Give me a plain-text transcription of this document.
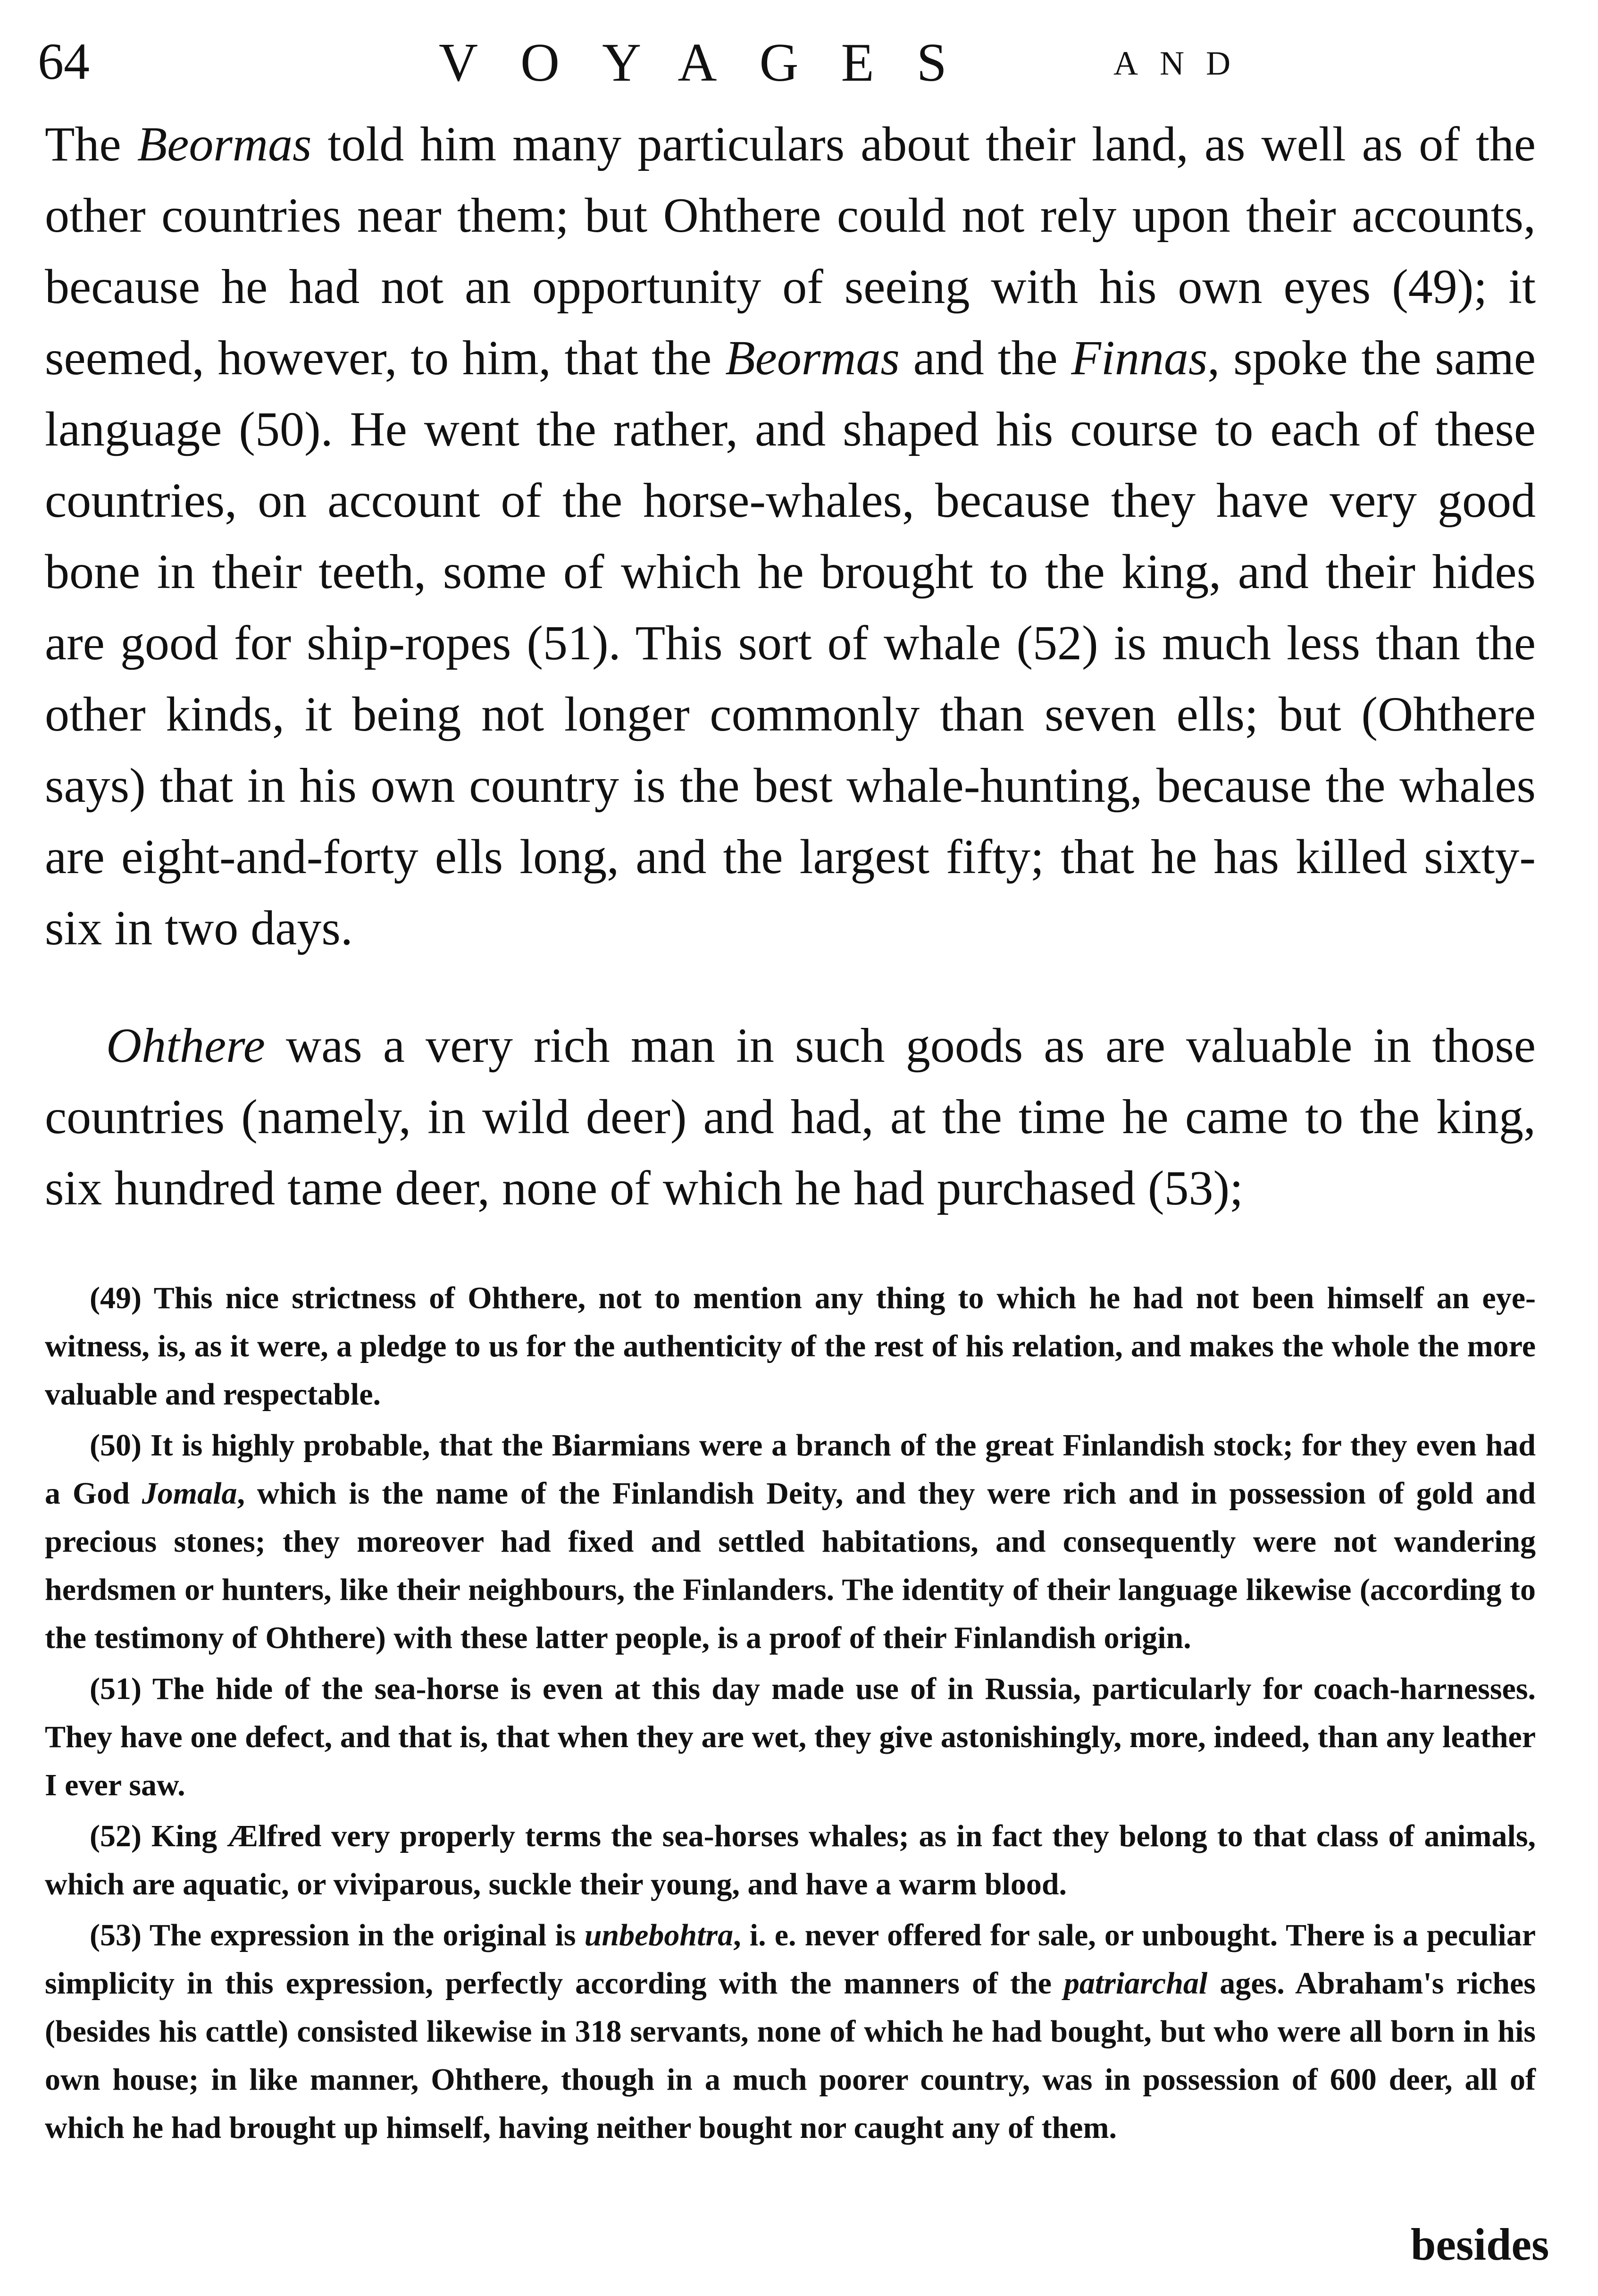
64	VOYAGES	AND

The Beormas told him many particulars about their land, as well as of the other countries near them; but Ohthere could not rely upon their accounts, because he had not an opportunity of seeing with his own eyes (49); it seemed, however, to him, that the Beormas and the Finnas, spoke the same language (50). He went the rather, and shaped his course to each of these countries, on account of the horse-whales, because they have very good bone in their teeth, some of which he brought to the king, and their hides are good for ship-ropes (51). This sort of whale (52) is much less than the other kinds, it being not longer commonly than seven ells; but (Ohthere says) that in his own country is the best whale-hunting, because the whales are eight-and-forty ells long, and the largest fifty; that he has killed sixty-six in two days.

Ohthere was a very rich man in such goods as are valuable in those countries (namely, in wild deer) and had, at the time he came to the king, six hundred tame deer, none of which he had purchased (53);

(49) This nice strictness of Ohthere, not to mention any thing to which he had not been himself an eye-witness, is, as it were, a pledge to us for the authenticity of the rest of his relation, and makes the whole the more valuable and respectable.

(50) It is highly probable, that the Biarmians were a branch of the great Finlandish stock; for they even had a God Jomala, which is the name of the Finlandish Deity, and they were rich and in possession of gold and precious stones; they moreover had fixed and settled habitations, and consequently were not wandering herdsmen or hunters, like their neighbours, the Finlanders. The identity of their language likewise (according to the testimony of Ohthere) with these latter people, is a proof of their Finlandish origin.

(51) The hide of the sea-horse is even at this day made use of in Russia, particularly for coach-harnesses. They have one defect, and that is, that when they are wet, they give astonishingly, more, indeed, than any leather I ever saw.

(52) King Ælfred very properly terms the sea-horses whales; as in fact they belong to that class of animals, which are aquatic, or viviparous, suckle their young, and have a warm blood.

(53) The expression in the original is unbebohtra, i. e. never offered for sale, or unbought. There is a peculiar simplicity in this expression, perfectly according with the manners of the patriarchal ages. Abraham's riches (besides his cattle) consisted likewise in 318 servants, none of which he had bought, but who were all born in his own house; in like manner, Ohthere, though in a much poorer country, was in possession of 600 deer, all of which he had brought up himself, having neither bought nor caught any of them.

besides
